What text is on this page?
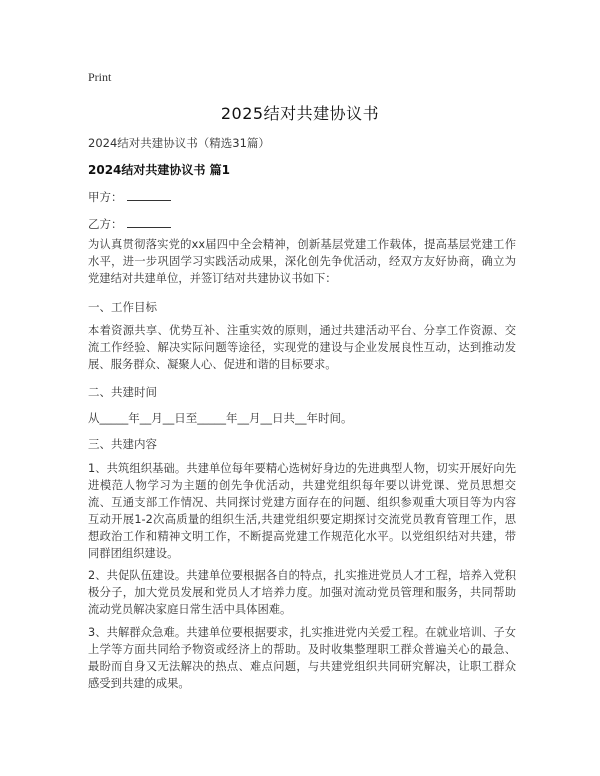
Print
2025结对共建协议书
2024结对共建协议书（精选31篇）
2024结对共建协议书 篇1
甲方：
乙方：

为认真贯彻落实党的xx届四中全会精神，创新基层党建工作载体，提高基层党建工作水平，进一步巩固学习实践活动成果，深化创先争优活动，经双方友好协商，确立为党建结对共建单位，并签订结对共建协议书如下：

一、工作目标

本着资源共享、优势互补、注重实效的原则，通过共建活动平台、分享工作资源、交流工作经验、解决实际问题等途径，实现党的建设与企业发展良性互动，达到推动发展、服务群众、凝聚人心、促进和谐的目标要求。

二、共建时间
从_____年__月__日至_____年__月__日共__年时间。
三、共建内容

1、共筑组织基础。共建单位每年要精心选树好身边的先进典型人物，切实开展好向先进模范人物学习为主题的创先争优活动，共建党组织每年要以讲党课、党员思想交流、互通支部工作情况、共同探讨党建方面存在的问题、组织参观重大项目等为内容互动开展1-2次高质量的组织生活,共建党组织要定期探讨交流党员教育管理工作，思想政治工作和精神文明工作，不断提高党建工作规范化水平。以党组织结对共建，带同群团组织建设。

2、共促队伍建设。共建单位要根据各自的特点，扎实推进党员人才工程，培养入党积极分子，加大党员发展和党员人才培养力度。加强对流动党员管理和服务，共同帮助流动党员解决家庭日常生活中具体困难。

3、共解群众急难。共建单位要根据要求，扎实推进党内关爱工程。在就业培训、子女上学等方面共同给予物资或经济上的帮助。及时收集整理职工群众普遍关心的最急、最盼而自身又无法解决的热点、难点问题，与共建党组织共同研究解决，让职工群众感受到共建的成果。
